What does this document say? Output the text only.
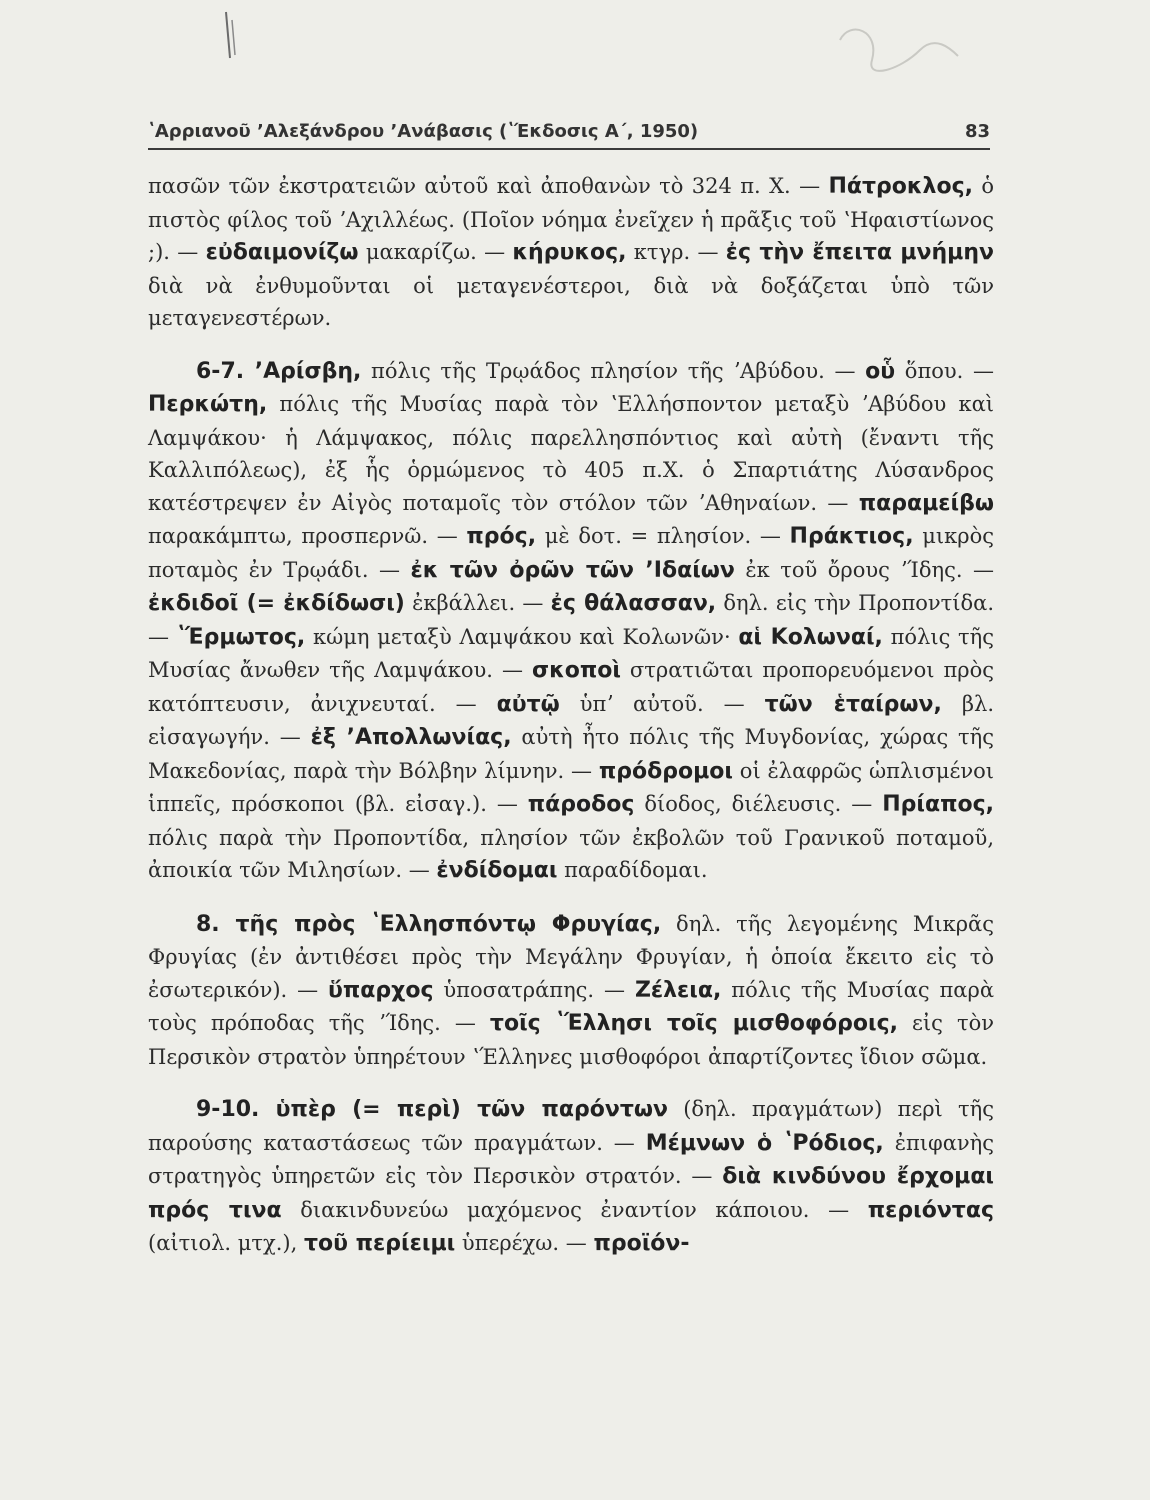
ʽΑρριανοῦ ʼΑλεξάνδρου ʼΑνάβασις (ʽΈκδοσις Α΄, 1950)	83

πασῶν τῶν ἐκστρατειῶν αὐτοῦ καὶ ἀποθανὼν τὸ 324 π. Χ. — Πάτροκλος, ὁ πιστὸς φίλος τοῦ ʼΑχιλλέως. (Ποῖον νόημα ἐνεῖχεν ἡ πρᾶξις τοῦ ʽΗφαιστίωνος ;). — εὐδαιμονίζω μακαρίζω. — κήρυκος, κτγρ. — ἐς τὴν ἔπειτα μνήμην διὰ νὰ ἐνθυμοῦνται οἱ μεταγενέστεροι, διὰ νὰ δοξάζεται ὑπὸ τῶν μεταγενεστέρων.

6-7. ʼΑρίσβη, πόλις τῆς Τρῳάδος πλησίον τῆς ʼΑβύδου. — οὗ ὅπου. — Περκώτη, πόλις τῆς Μυσίας παρὰ τὸν ʽΕλλήσποντον μεταξὺ ʼΑβύδου καὶ Λαμψάκου· ἡ Λάμψακος, πόλις παρελλησπόντιος καὶ αὐτὴ (ἔναντι τῆς Καλλιπόλεως), ἐξ ἧς ὁρμώμενος τὸ 405 π.Χ. ὁ Σπαρτιάτης Λύσανδρος κατέστρεψεν ἐν Αἰγὸς ποταμοῖς τὸν στόλον τῶν ʼΑθηναίων. — παραμείβω παρακάμπτω, προσπερνῶ. — πρός, μὲ δοτ. = πλησίον. — Πράκτιος, μικρὸς ποταμὸς ἐν Τρῳάδι. — ἐκ τῶν ὀρῶν τῶν ʼΙδαίων ἐκ τοῦ ὄρους ʼΊδης. — ἐκδιδοῖ (= ἐκδίδωσι) ἐκβάλλει. — ἐς θάλασσαν, δηλ. εἰς τὴν Προποντίδα. — ʽΈρμωτος, κώμη μεταξὺ Λαμψάκου καὶ Κολωνῶν· αἱ Κολωναί, πόλις τῆς Μυσίας ἄνωθεν τῆς Λαμψάκου. — σκοποὶ στρατιῶται προπορευόμενοι πρὸς κατόπτευσιν, ἀνιχνευταί. — αὐτῷ ὑπʼ αὐτοῦ. — τῶν ἑταίρων, βλ. εἰσαγωγήν. — ἐξ ʼΑπολλωνίας, αὐτὴ ἦτο πόλις τῆς Μυγδονίας, χώρας τῆς Μακεδονίας, παρὰ τὴν Βόλβην λίμνην. — πρόδρομοι οἱ ἐλαφρῶς ὡπλισμένοι ἱππεῖς, πρόσκοποι (βλ. εἰσαγ.). — πάροδος δίοδος, διέλευσις. — Πρίαπος, πόλις παρὰ τὴν Προποντίδα, πλησίον τῶν ἐκβολῶν τοῦ Γρανικοῦ ποταμοῦ, ἀποικία τῶν Μιλησίων. — ἐνδίδομαι παραδίδομαι.

8. τῆς πρὸς ʽΕλλησπόντῳ Φρυγίας, δηλ. τῆς λεγομένης Μικρᾶς Φρυγίας (ἐν ἀντιθέσει πρὸς τὴν Μεγάλην Φρυγίαν, ἡ ὁποία ἔκειτο εἰς τὸ ἐσωτερικόν). — ὕπαρχος ὑποσατράπης. — Ζέλεια, πόλις τῆς Μυσίας παρὰ τοὺς πρόποδας τῆς ʼΊδης. — τοῖς ʽΈλλησι τοῖς μισθοφόροις, εἰς τὸν Περσικὸν στρατὸν ὑπηρέτουν ʽΈλληνες μισθοφόροι ἀπαρτίζοντες ἴδιον σῶμα.

9-10. ὑπὲρ (= περὶ) τῶν παρόντων (δηλ. πραγμάτων) περὶ τῆς παρούσης καταστάσεως τῶν πραγμάτων. — Μέμνων ὁ ʽΡόδιος, ἐπιφανὴς στρατηγὸς ὑπηρετῶν εἰς τὸν Περσικὸν στρατόν. — διὰ κινδύνου ἔρχομαι πρός τινα διακινδυνεύω μαχόμενος ἐναντίον κάποιου. — περιόντας (αἰτιολ. μτχ.), τοῦ περίειμι ὑπερέχω. — προϊόν-
